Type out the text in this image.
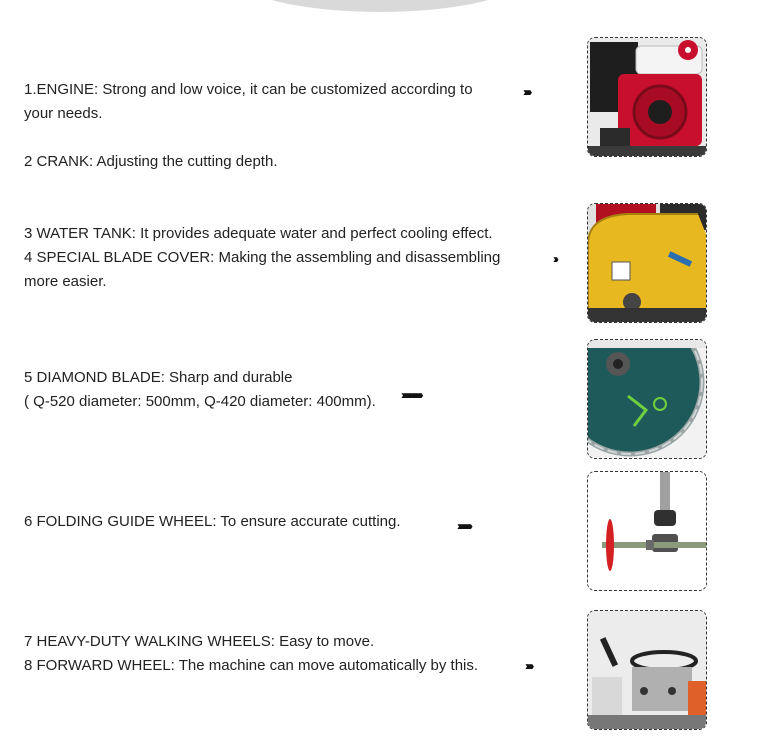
1.ENGINE: Strong and low voice, it can be customized according to
your needs.
2 CRANK: Adjusting the cutting depth.
››› ›››
3 WATER TANK: It provides adequate water and perfect cooling effect.
4 SPECIAL BLADE COVER: Making the assembling and disassembling
more easier.
›››
5 DIAMOND BLADE: Sharp and durable
( Q-520 diameter: 500mm, Q-420 diameter: 400mm). ››› ››› ››› ››› ››› ›››
6 FOLDING GUIDE WHEEL: To ensure accurate cutting.	››› ››› ››› ›››
7 HEAVY-DUTY WALKING WHEELS: Easy to move.
8 FORWARD WHEEL: The machine can move automatically by this.	››› ›››
